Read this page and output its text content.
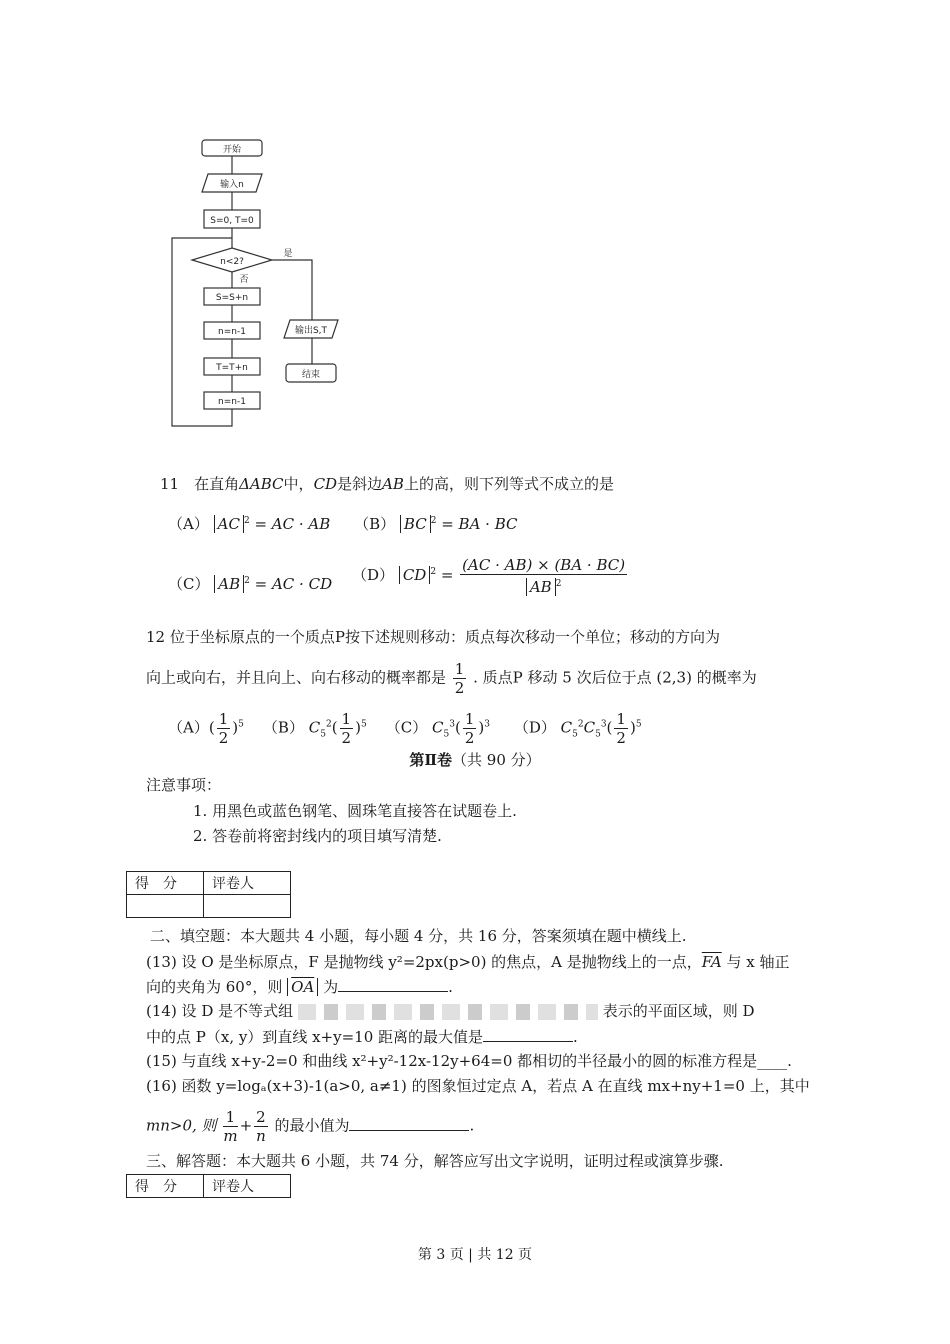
开始
输入n
S=0, T=0
n<2?
是
否
S=S+n
n=n-1
T=T+n
n=n-1
输出S,T
结束
11　在直角ΔABC中，CD是斜边AB上的高，则下列等式不成立的是
（A） AC $^2$ = AC · AB （B） BC $^2$ = BA · BC
（C） AB $^2$ = AC · CD （D） CD $^2 = \frac{(AC \cdot AB) \times (BA \cdot BC)}{AB ^2}$
12 位于坐标原点的一个质点P按下述规则移动：质点每次移动一个单位；移动的方向为
向上或向右，并且向上、向右移动的概率都是 $\frac{1}{2}$ . 质点P 移动 5 次后位于点 (2,3) 的概率为
$(A)( \frac{1}{2} )^5$ （B） $C_5^2( \frac{1}{2} )^5$ （C） $C_5^3( \frac{1}{2} )^3$ （D） $C_5^2C_5^3( \frac{1}{2} )^5$
第Ⅱ卷（共 90 分）
注意事项：
1. 用黑色或蓝色钢笔、圆珠笔直接答在试题卷上.
2. 答卷前将密封线内的项目填写清楚.
得　分	评卷人

二、填空题：本大题共 4 小题，每小题 4 分，共 16 分，答案须填在题中横线上.
(13) 设 O 是坐标原点，F 是抛物线 y²=2px(p>0) 的焦点，A 是抛物线上的一点，$\overline{FA}$ 与 x 轴正
向的夹角为 60°，则 $\overline{OA}$ 为	.
(14) 设 D 是不等式组	表示的平面区域，则 D
中的点 P（x, y）到直线 x+y=10 距离的最大值是	.
(15) 与直线 x+y-2=0 和曲线 x²+y²-12x-12y+64=0 都相切的半径最小的圆的标准方程是____.
(16) 函数 y=logₐ(x+3)-1(a>0, a≠1) 的图象恒过定点 A，若点 A 在直线 mx+ny+1=0 上，其中
mn>0, 则 $\frac{1}{m} + \frac{2}{n}$ 的最小值为	.
三、解答题：本大题共 6 小题，共 74 分，解答应写出文字说明，证明过程或演算步骤.
得　分	评卷人
第 3 页 | 共 12 页
